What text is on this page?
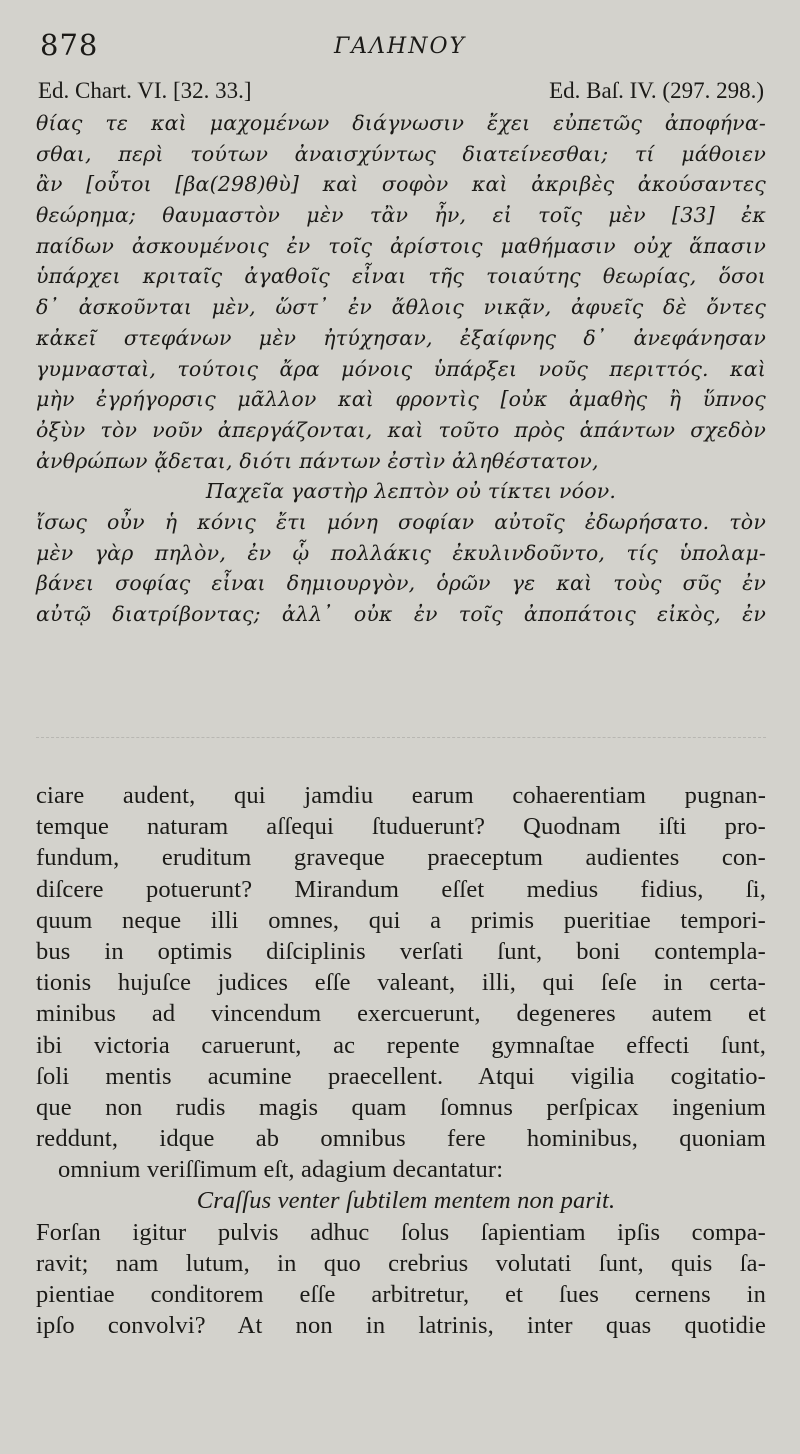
878	ΓΑΛΗΝΟΥ
Ed. Chart. VI. [32. 33.]	Ed. Baſ. IV. (297. 298.)
θίας τε καὶ μαχομένων διάγνωσιν ἔχει εὐπετῶς ἀποφήνα-
σθαι, περὶ τούτων ἀναισχύντως διατείνεσθαι; τί μάθοιεν
ἂν [οὗτοι [βα(298)θὺ] καὶ σοφὸν καὶ ἀκριβὲς ἀκούσαντες
θεώρημα; θαυμαστὸν μὲν τἂν ἦν, εἰ τοῖς μὲν [33] ἐκ
παίδων ἀσκουμένοις ἐν τοῖς ἀρίστοις μαθήμασιν οὐχ ἅπασιν
ὑπάρχει κριταῖς ἀγαθοῖς εἶναι τῆς τοιαύτης θεωρίας, ὅσοι
δ᾽ ἀσκοῦνται μὲν, ὥστ᾽ ἐν ἄθλοις νικᾷν, ἀφυεῖς δὲ ὄντες
κἀκεῖ στεφάνων μὲν ἠτύχησαν, ἐξαίφνης δ᾽ ἀνεφάνησαν
γυμνασταὶ, τούτοις ἄρα μόνοις ὑπάρξει νοῦς περιττός. καὶ
μὴν ἐγρήγορσις μᾶλλον καὶ φροντὶς [οὐκ ἀμαθὴς ἢ ὕπνος
ὀξὺν τὸν νοῦν ἀπεργάζονται, καὶ τοῦτο πρὸς ἁπάντων σχεδὸν
ἀνθρώπων ᾄδεται, διότι πάντων ἐστὶν ἀληθέστατον,
Παχεῖα γαστὴρ λεπτὸν οὐ τίκτει νόον.
ἴσως οὖν ἡ κόνις ἔτι μόνη σοφίαν αὐτοῖς ἐδωρήσατο. τὸν
μὲν γὰρ πηλὸν, ἐν ᾧ πολλάκις ἐκυλινδοῦντο, τίς ὑπολαμ-
βάνει σοφίας εἶναι δημιουργὸν, ὁρῶν γε καὶ τοὺς σῦς ἐν
αὐτῷ διατρίβοντας; ἀλλ᾽ οὐκ ἐν τοῖς ἀποπάτοις εἰκὸς, ἐν
ciare audent, qui jamdiu earum cohaerentiam pugnan-
temque naturam aſſequi ſtuduerunt? Quodnam iſti pro-
fundum, eruditum graveque praeceptum audientes con-
diſcere potuerunt? Mirandum eſſet medius fidius, ſi,
quum neque illi omnes, qui a primis pueritiae tempori-
bus in optimis diſciplinis verſati ſunt, boni contempla-
tionis hujuſce judices eſſe valeant, illi, qui ſeſe in certa-
minibus ad vincendum exercuerunt, degeneres autem et
ibi victoria caruerunt, ac repente gymnaſtae effecti ſunt,
ſoli mentis acumine praecellent. Atqui vigilia cogitatio-
que non rudis magis quam ſomnus perſpicax ingenium
reddunt, idque ab omnibus fere hominibus, quoniam
omnium veriſſimum eſt, adagium decantatur:
Craſſus venter ſubtilem mentem non parit.
Forſan igitur pulvis adhuc ſolus ſapientiam ipſis compa-
ravit; nam lutum, in quo crebrius volutati ſunt, quis ſa-
pientiae conditorem eſſe arbitretur, et ſues cernens in
ipſo convolvi? At non in latrinis, inter quas quotidie
